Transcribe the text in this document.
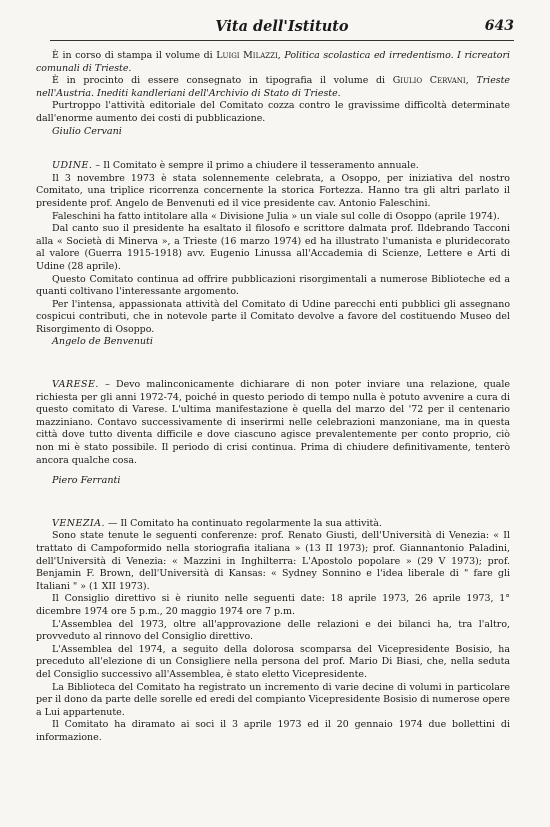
Vita dell'Istituto	643

È in corso di stampa il volume di Luigi Milazzi, Politica scolastica ed irredentismo. I ricreatori comunali di Trieste.

È in procinto di essere consegnato in tipografia il volume di Giulio Cervani, Trieste nell'Austria. Inediti kandleriani dell'Archivio di Stato di Trieste.

Purtroppo l'attività editoriale del Comitato cozza contro le gravissime difficoltà determinate dall'enorme aumento dei costi di pubblicazione.

Giulio Cervani

UDINE. – Il Comitato è sempre il primo a chiudere il tesseramento annuale.

Il 3 novembre 1973 è stata solennemente celebrata, a Osoppo, per iniziativa del nostro Comitato, una triplice ricorrenza concernente la storica Fortezza. Hanno tra gli altri parlato il presidente prof. Angelo de Benvenuti ed il vice presidente cav. Antonio Faleschini.

Faleschini ha fatto intitolare alla « Divisione Julia » un viale sul colle di Osoppo (aprile 1974).

Dal canto suo il presidente ha esaltato il filosofo e scrittore dalmata prof. Ildebrando Tacconi alla « Società di Minerva », a Trieste (16 marzo 1974) ed ha illustrato l'umanista e pluridecorato al valore (Guerra 1915-1918) avv. Eugenio Linussa all'Accademia di Scienze, Lettere e Arti di Udine (28 aprile).

Questo Comitato continua ad offrire pubblicazioni risorgimentali a numerose Biblioteche ed a quanti coltivano l'interessante argomento.

Per l'intensa, appassionata attività del Comitato di Udine parecchi enti pubblici gli assegnano cospicui contributi, che in notevole parte il Comitato devolve a favore del costituendo Museo del Risorgimento di Osoppo.

Angelo de Benvenuti

VARESE. – Devo malinconicamente dichiarare di non poter inviare una relazione, quale richiesta per gli anni 1972-74, poiché in questo periodo di tempo nulla è potuto avvenire a cura di questo comitato di Varese. L'ultima manifestazione è quella del marzo del '72 per il centenario mazziniano. Contavo successivamente di inserirmi nelle celebrazioni manzoniane, ma in questa città dove tutto diventa difficile e dove ciascuno agisce prevalentemente per conto proprio, ciò non mi è stato possibile. Il periodo di crisi continua. Prima di chiudere definitivamente, tenterò ancora qualche cosa.

Piero Ferranti

VENEZIA. — Il Comitato ha continuato regolarmente la sua attività.

Sono state tenute le seguenti conferenze: prof. Renato Giusti, dell'Università di Venezia: « Il trattato di Campoformido nella storiografia italiana » (13 II 1973); prof. Giannantonio Paladini, dell'Università di Venezia: « Mazzini in Inghilterra: L'Apostolo popolare » (29 V 1973); prof. Benjamin F. Brown, dell'Università di Kansas: « Sydney Sonnino e l'idea liberale di " fare gli Italiani " » (1 XII 1973).

Il Consiglio direttivo si è riunito nelle seguenti date: 18 aprile 1973, 26 aprile 1973, 1° dicembre 1974 ore 5 p.m., 20 maggio 1974 ore 7 p.m.

L'Assemblea del 1973, oltre all'approvazione delle relazioni e dei bilanci ha, tra l'altro, provveduto al rinnovo del Consiglio direttivo.

L'Assemblea del 1974, a seguito della dolorosa scomparsa del Vicepresidente Bosisio, ha preceduto all'elezione di un Consigliere nella persona del prof. Mario Di Biasi, che, nella seduta del Consiglio successivo all'Assemblea, è stato eletto Vicepresidente.

La Biblioteca del Comitato ha registrato un incremento di varie decine di volumi in particolare per il dono da parte delle sorelle ed eredi del compianto Vicepresidente Bosisio di numerose opere a Lui appartenute.

Il Comitato ha diramato ai soci il 3 aprile 1973 ed il 20 gennaio 1974 due bollettini di informazione.
